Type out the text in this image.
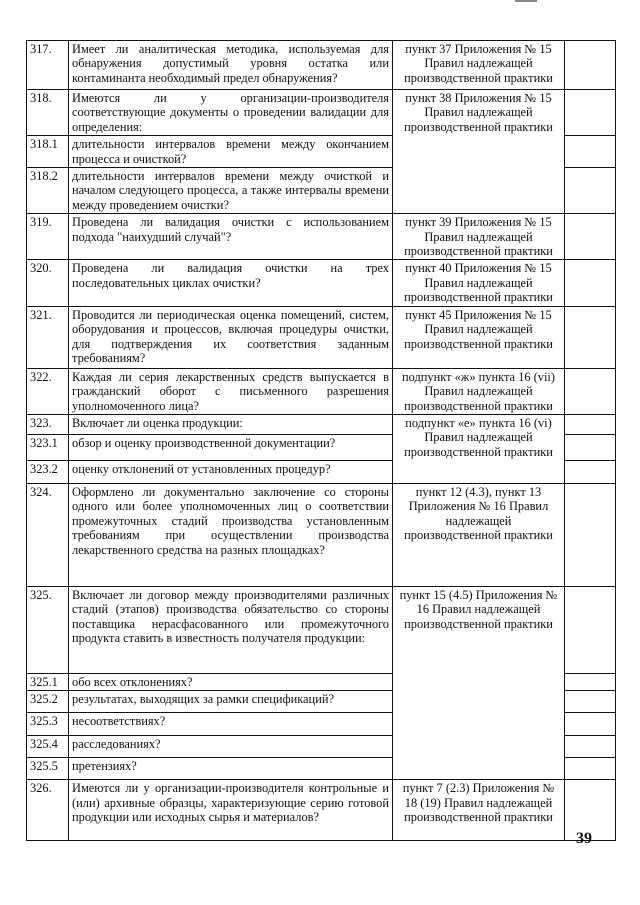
317.	Имеет ли аналитическая методика, используемая для обнаружения допустимый уровня остатка или контаминанта необходимый предел обнаружения?	пункт 37 Приложения № 15 Правил надлежащей производственной практики	
318.	Имеются ли у организации-производителя соответствующие документы о проведении валидации для определения:	пункт 38 Приложения № 15 Правил надлежащей производственной практики	
318.1	длительности интервалов времени между окончанием процесса и очисткой?		
318.2	длительности интервалов времени между очисткой и началом следующего процесса, а также интервалы времени между проведением очистки?		
319.	Проведена ли валидация очистки с использованием подхода "наихудший случай"?	пункт 39 Приложения № 15 Правил надлежащей производственной практики	
320.	Проведена ли валидация очистки на трех последовательных циклах очистки?	пункт 40 Приложения № 15 Правил надлежащей производственной практики	
321.	Проводится ли периодическая оценка помещений, систем, оборудования и процессов, включая процедуры очистки, для подтверждения их соответствия заданным требованиям?	пункт 45 Приложения № 15 Правил надлежащей производственной практики	
322.	Каждая ли серия лекарственных средств выпускается в гражданский оборот с письменного разрешения уполномоченного лица?	подпункт «ж» пункта 16 (vii) Правил надлежащей производственной практики	
323.	Включает ли оценка продукции:	подпункт «е» пункта 16 (vi) Правил надлежащей производственной практики	
323.1	обзор и оценку производственной документации?		
323.2	оценку отклонений от установленных процедур?		
324.	Оформлено ли документально заключение со стороны одного или более уполномоченных лиц о соответствии промежуточных стадий производства установленным требованиям при осуществлении производства лекарственного средства на разных площадках?	пункт 12 (4.3), пункт 13 Приложения № 16 Правил надлежащей производственной практики	
325.	Включает ли договор между производителями различных стадий (этапов) производства обязательство со стороны поставщика нерасфасованного или промежуточного продукта ставить в известность получателя продукции:	пункт 15 (4.5) Приложения № 16 Правил надлежащей производственной практики	
325.1	обо всех отклонениях?		
325.2	результатах, выходящих за рамки спецификаций?		
325.3	несоответствиях?		
325.4	расследованиях?		
325.5	претензиях?		
326.	Имеются ли у организации-производителя контрольные и (или) архивные образцы, характеризующие серию готовой продукции или исходных сырья и материалов?	пункт 7 (2.3) Приложения № 18 (19) Правил надлежащей производственной практики	
39
